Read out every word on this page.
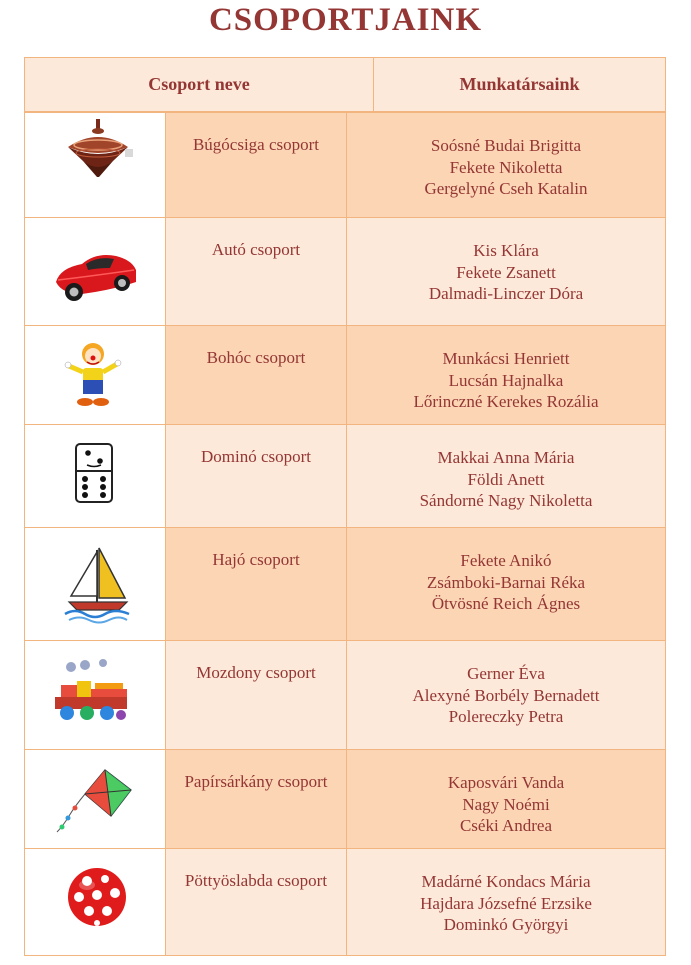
CSOPORTJAINK
Csoport neve	Munkatársaink
Búgócsiga csoport	Soósné Budai Brigitta
Fekete Nikoletta
Gergelyné Cseh Katalin
Autó csoport	Kis Klára
Fekete Zsanett
Dalmadi-Linczer Dóra
Bohóc csoport	Munkácsi Henriett
Lucsán Hajnalka
Lőrinczné Kerekes Rozália
Dominó csoport	Makkai Anna Mária
Földi Anett
Sándorné Nagy Nikoletta
Hajó csoport	Fekete Anikó
Zsámboki-Barnai Réka
Ötvösné Reich Ágnes
Mozdony csoport	Gerner Éva
Alexyné Borbély Bernadett
Polereczky Petra
Papírsárkány csoport	Kaposvári Vanda
Nagy Noémi
Cséki Andrea
Pöttyöslabda csoport	Madárné Kondacs Mária
Hajdara Józsefné Erzsike
Dominkó Györgyi
